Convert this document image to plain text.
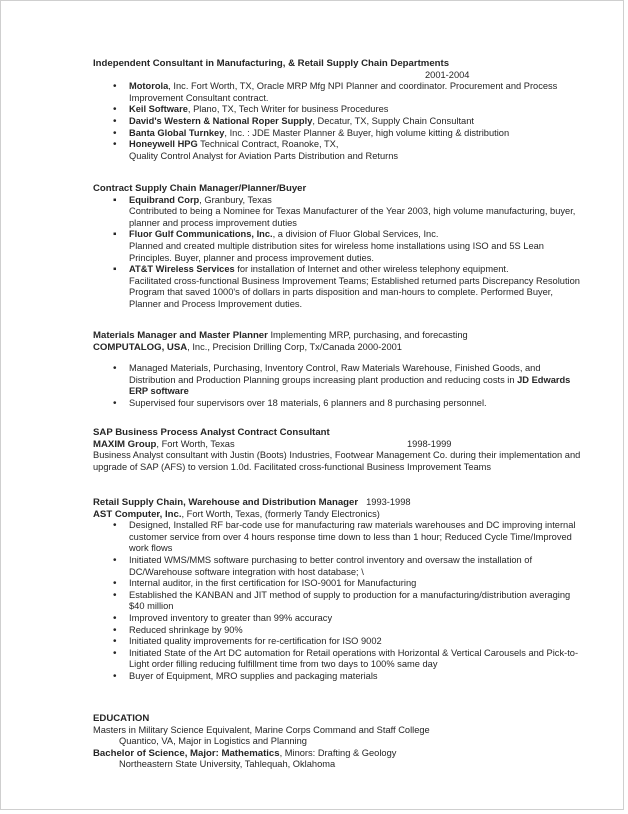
Independent Consultant in Manufacturing, & Retail Supply Chain Departments
2001-2004
• Motorola, Inc. Fort Worth, TX, Oracle MRP Mfg NPI Planner and coordinator. Procurement and Process Improvement Consultant contract.
• Keil Software, Plano, TX, Tech Writer for business Procedures
• David's Western & National Roper Supply, Decatur, TX, Supply Chain Consultant
• Banta Global Turnkey, Inc. : JDE Master Planner & Buyer, high volume kitting & distribution
• Honeywell HPG Technical Contract, Roanoke, TX,
Quality Control Analyst for Aviation Parts Distribution and Returns
Contract Supply Chain Manager/Planner/Buyer
▪ Equibrand Corp, Granbury, Texas
Contributed to being a Nominee for Texas Manufacturer of the Year 2003, high volume manufacturing, buyer, planner and process improvement duties
▪ Fluor Gulf Communications, Inc., a division of Fluor Global Services, Inc.
Planned and created multiple distribution sites for wireless home installations using ISO and 5S Lean Principles. Buyer, planner and process improvement duties.
▪ AT&T Wireless Services for installation of Internet and other wireless telephony equipment.
Facilitated cross-functional Business Improvement Teams; Established returned parts Discrepancy Resolution Program that saved 1000's of dollars in parts disposition and man-hours to complete. Performed Buyer, Planner and Process Improvement duties.
Materials Manager and Master Planner Implementing MRP, purchasing, and forecasting
COMPUTALOG, USA, Inc., Precision Drilling Corp, Tx/Canada 2000-2001
• Managed Materials, Purchasing, Inventory Control, Raw Materials Warehouse, Finished Goods, and Distribution and Production Planning groups increasing plant production and reducing costs in JD Edwards ERP software
• Supervised four supervisors over 18 materials, 6 planners and 8 purchasing personnel.
SAP Business Process Analyst Contract Consultant
MAXIM Group, Fort Worth, Texas	1998-1999
Business Analyst consultant with Justin (Boots) Industries, Footwear Management Co. during their implementation and upgrade of SAP (AFS) to version 1.0d. Facilitated cross-functional Business Improvement Teams
Retail Supply Chain, Warehouse and Distribution Manager 1993-1998
AST Computer, Inc., Fort Worth, Texas, (formerly Tandy Electronics)
• Designed, Installed RF bar-code use for manufacturing raw materials warehouses and DC improving internal customer service from over 4 hours response time down to less than 1 hour; Reduced Cycle Time/Improved work flows
• Initiated WMS/MMS software purchasing to better control inventory and oversaw the installation of DC/Warehouse software integration with host database; \
• Internal auditor, in the first certification for ISO-9001 for Manufacturing
• Established the KANBAN and JIT method of supply to production for a manufacturing/distribution averaging $40 million
• Improved inventory to greater than 99% accuracy
• Reduced shrinkage by 90%
• Initiated quality improvements for re-certification for ISO 9002
• Initiated State of the Art DC automation for Retail operations with Horizontal & Vertical Carousels and Pick-to-Light order filling reducing fulfillment time from two days to 100% same day
• Buyer of Equipment, MRO supplies and packaging materials
EDUCATION
Masters in Military Science Equivalent, Marine Corps Command and Staff College
Quantico, VA, Major in Logistics and Planning
Bachelor of Science, Major: Mathematics, Minors: Drafting & Geology
Northeastern State University, Tahlequah, Oklahoma
